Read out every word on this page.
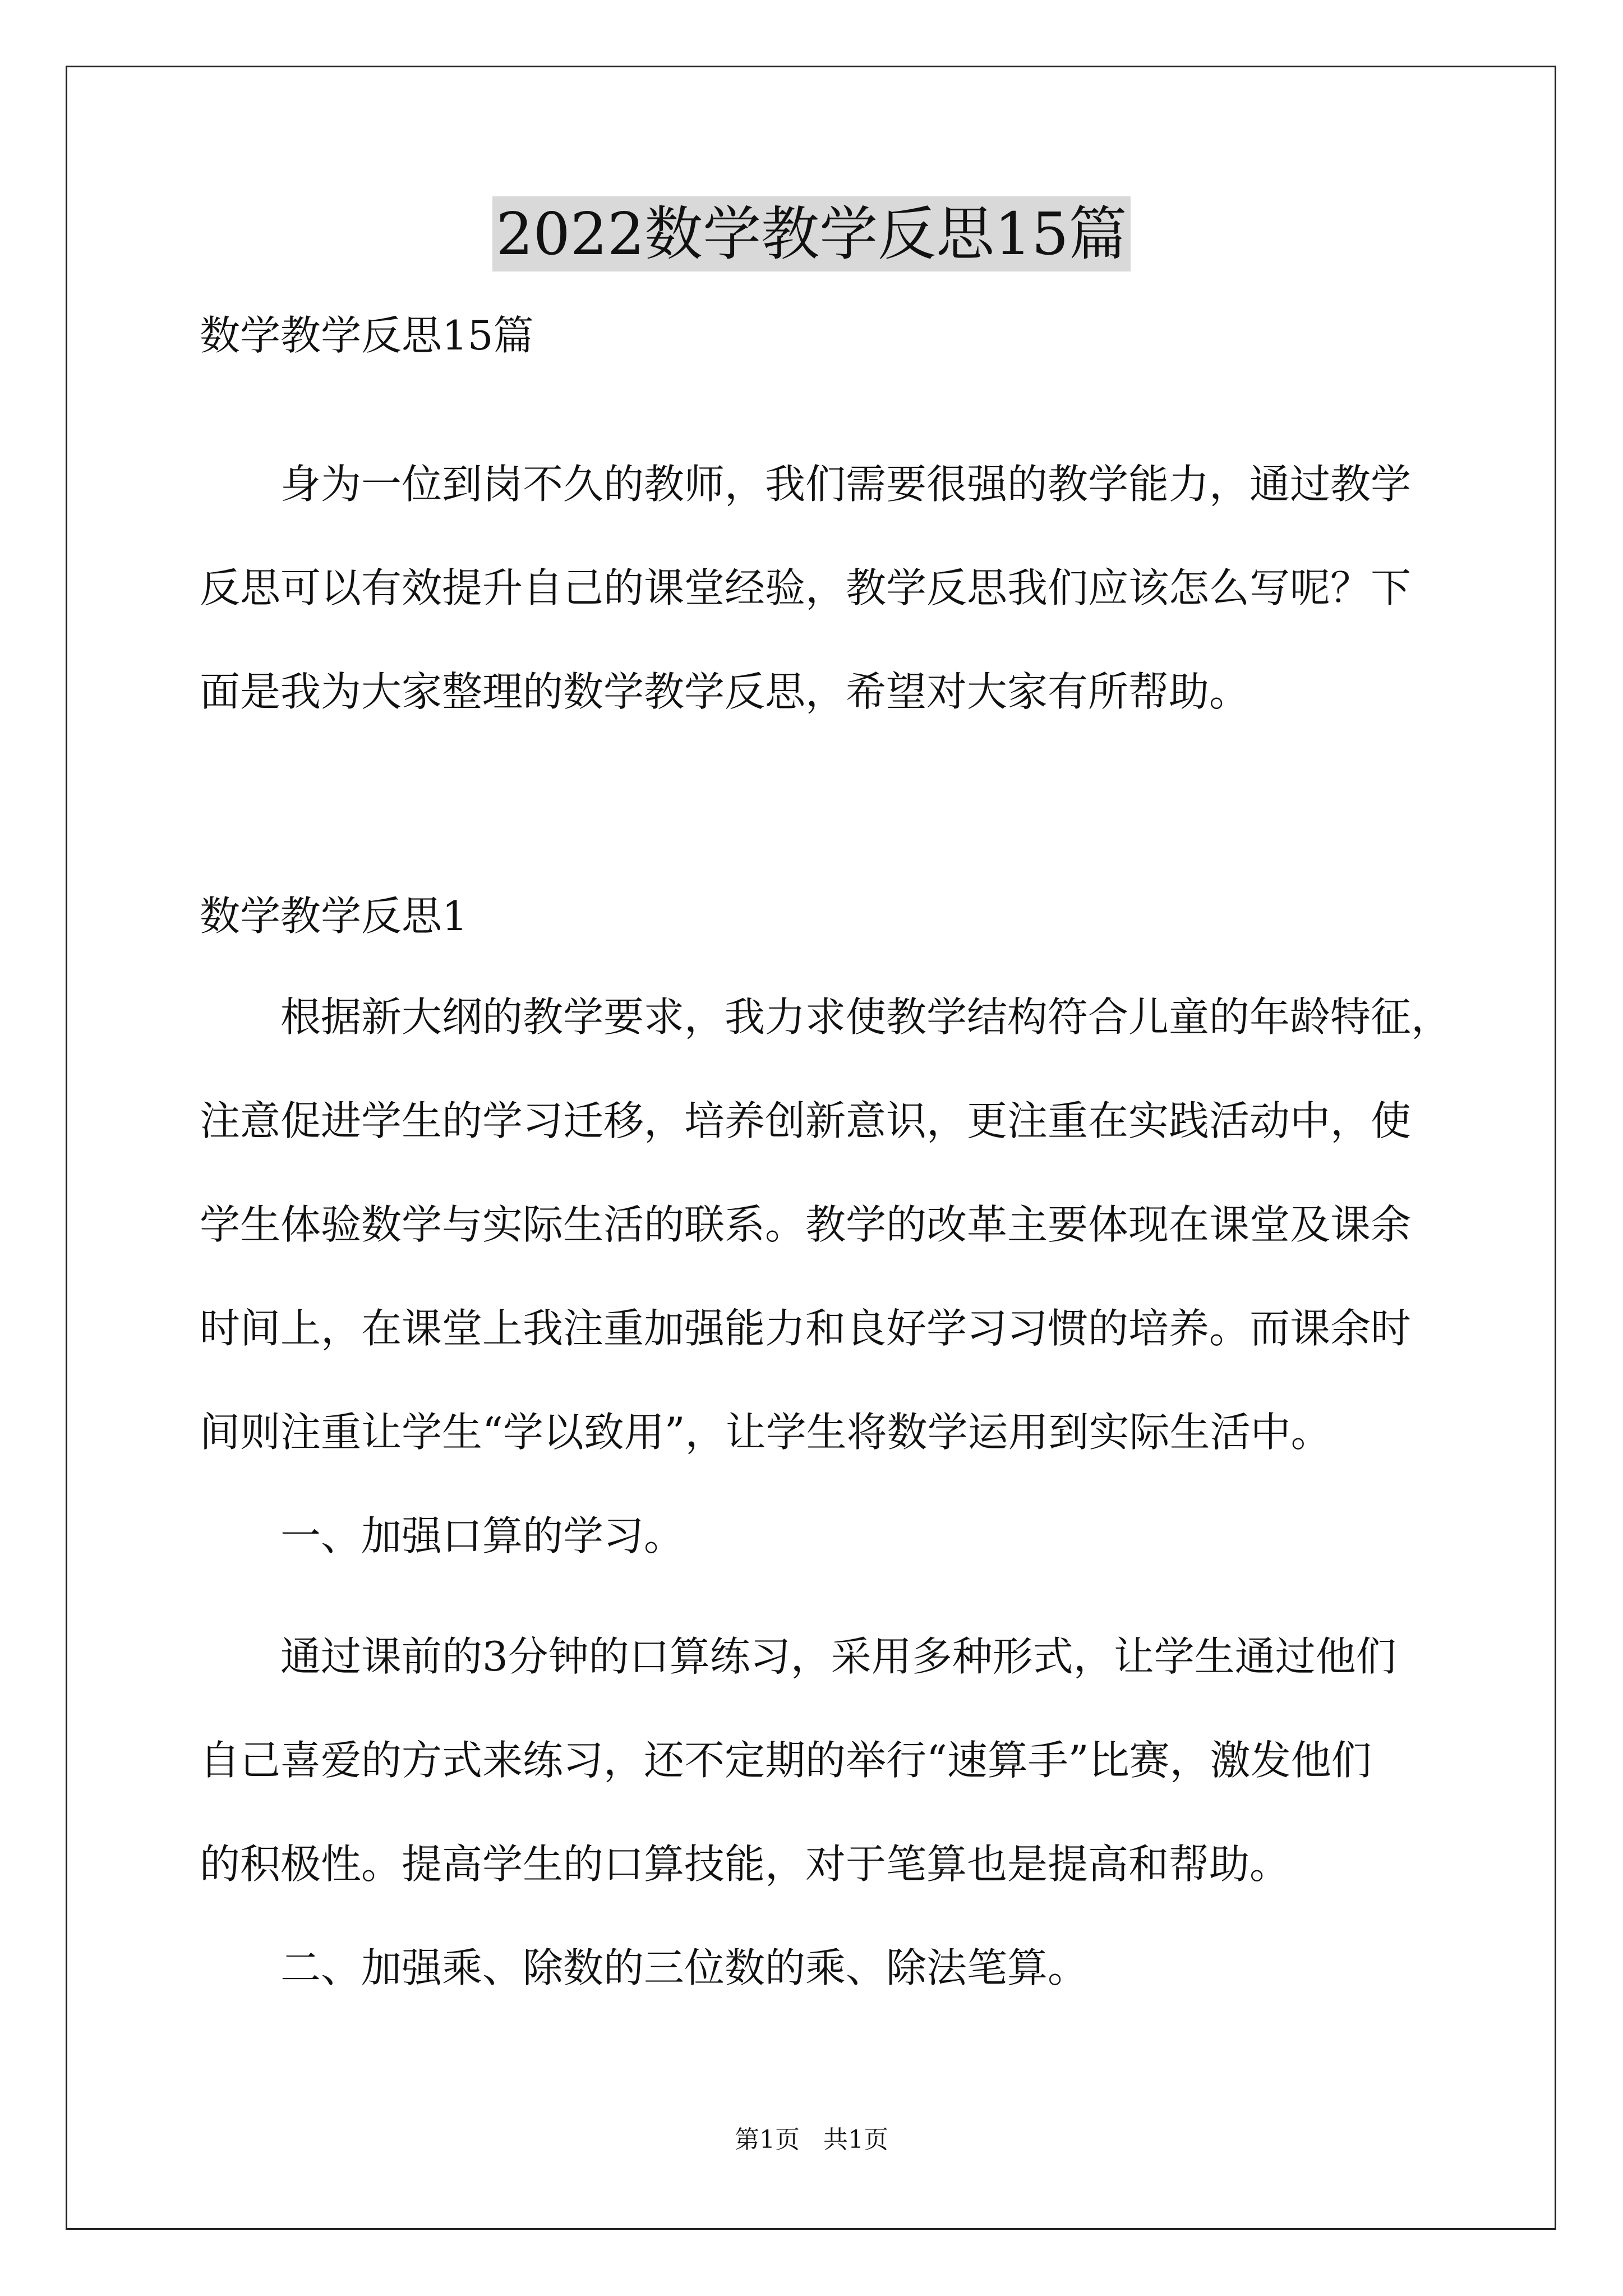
2022数学教学反思15篇

数学教学反思15篇

身为一位到岗不久的教师，我们需要很强的教学能力，通过教学

反思可以有效提升自己的课堂经验，教学反思我们应该怎么写呢？下

面是我为大家整理的数学教学反思，希望对大家有所帮助。

数学教学反思1

根据新大纲的教学要求，我力求使教学结构符合儿童的年龄特征，

注意促进学生的学习迁移，培养创新意识，更注重在实践活动中，使

学生体验数学与实际生活的联系。教学的改革主要体现在课堂及课余

时间上，在课堂上我注重加强能力和良好学习习惯的培养。而课余时

间则注重让学生“学以致用”，让学生将数学运用到实际生活中。

一、加强口算的学习。

通过课前的3分钟的口算练习，采用多种形式，让学生通过他们

自己喜爱的方式来练习，还不定期的举行“速算手”比赛，激发他们

的积极性。提高学生的口算技能，对于笔算也是提高和帮助。

二、加强乘、除数的三位数的乘、除法笔算。

第1页   共1页
